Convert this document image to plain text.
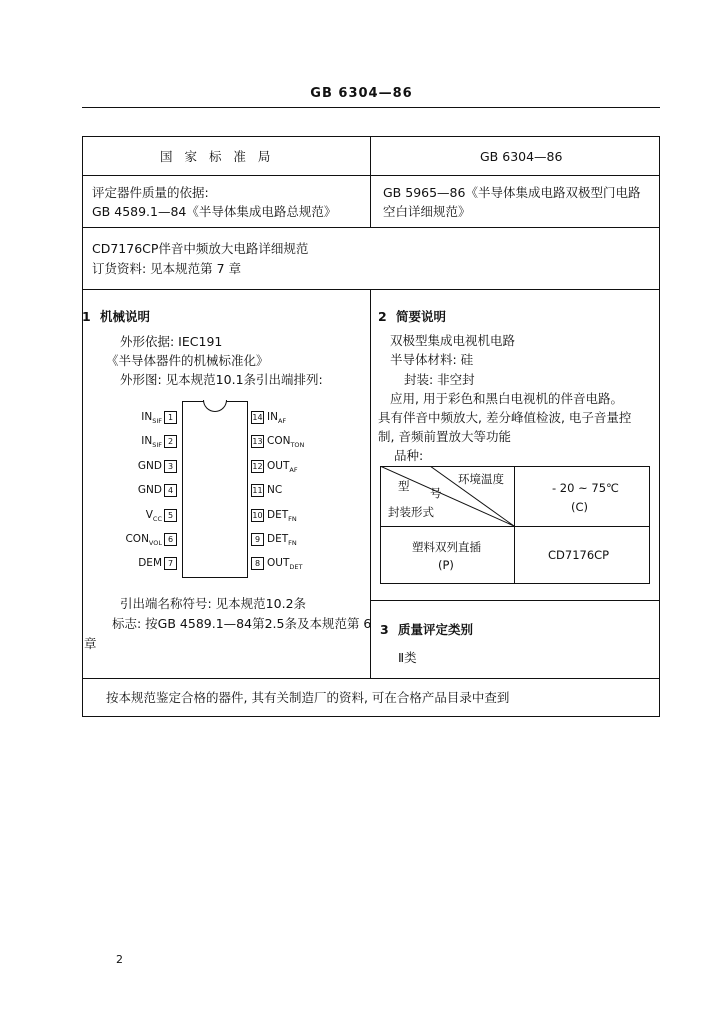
GB 6304—86
国 家 标 准 局	GB 6304—86
评定器件质量的依据:
GB 4589.1—84《半导体集成电路总规范》
GB 5965—86《半导体集成电路双极型门电路
空白详细规范》
CD7176CP伴音中频放大电路详细规范
订货资料: 见本规范第 7 章
1 机械说明
外形依据: IEC191
《半导体器件的机械标准化》
外形图: 见本规范10.1条引出端排列:
1
$IN_{SIF}$
2
$IN_{SIF}$
3
GND
4
GND
5
$V_{CC}$
6
$CON_{VOL}$
7
DEM
14 $IN_{AF}$
13 $CON_{TON}$
12 $OUT_{AF}$
11 NC
10 $DET_{FN}$
9 $DET_{FN}$
8 $OUT_{DET}$
引出端名称符号: 见本规范10.2条
标志: 按GB 4589.1—84第2.5条及本规范第 6
章
2 简要说明
双极型集成电视机电路
半导体材料: 硅
封装: 非空封
应用, 用于彩色和黑白电视机的伴音电路。
具有伴音中频放大, 差分峰值检波, 电子音量控
制, 音频前置放大等功能
品种:
环境温度
型 号
封装形式
- 20 ~ 75℃
(C)
塑料双列直插
(P)
CD7176CP
3 质量评定类别
Ⅱ类
按本规范鉴定合格的器件, 其有关制造厂的资料, 可在合格产品目录中查到
2
